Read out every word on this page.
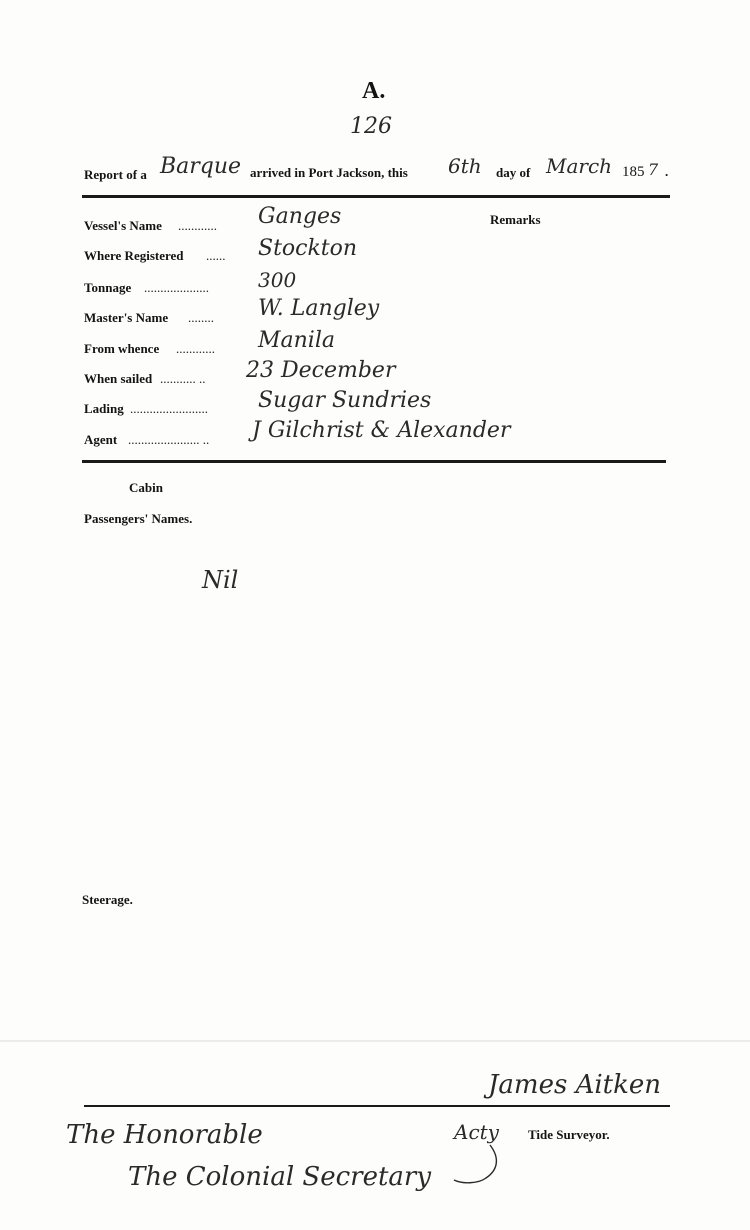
A.
126
Report of a Barque arrived in Port Jackson, this 6th day of March 185 7 .
Remarks
Vessel's Name ............ Ganges
Where Registered ...... Stockton
Tonnage .................... 300
Master's Name ........ W. Langley
From whence ............ Manila
When sailed ........... .. 23 December
Lading ........................ Sugar Sundries
Agent ...................... .. J Gilchrist & Alexander
Cabin
Passengers' Names.
Nil
Steerage.
James Aitken
Acty Tide Surveyor.
The Honorable
The Colonial Secretary
